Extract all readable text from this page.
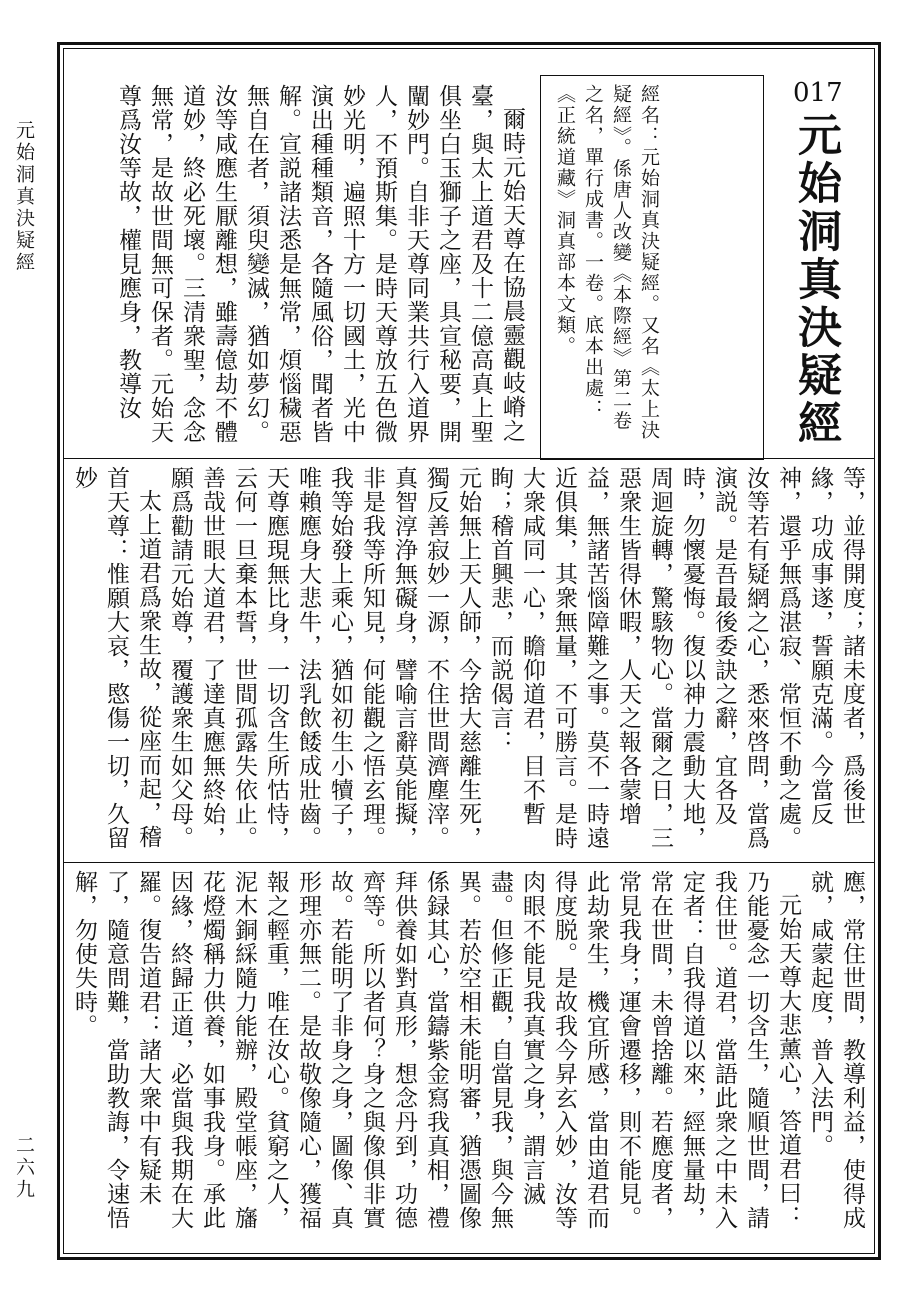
元始洞真決疑經
二六九
017
元始洞真決疑經
經名：元始洞真決疑經。又名《太上決疑經》。係唐人改變《本際經》第二卷之名，單行成書。一卷。底本出處：《正統道藏》洞真部本文類。

爾時元始天尊在協晨靈觀岐嵴之臺，與太上道君及十二億高真上聖俱坐白玉獅子之座，具宣秘要，開闡妙門。自非天尊同業共行入道界人，不預斯集。是時天尊放五色微妙光明，遍照十方一切國土，光中演出種種類音，各隨風俗，聞者皆解。宣説諸法悉是無常，煩惱穢惡無自在者，須臾變滅，猶如夢幻。汝等咸應生厭離想，雖壽億劫不體道妙，終必死壞。三清衆聖，念念無常，是故世間無可保者。元始天尊爲汝等故，權見應身，教導汝

等，並得開度；諸未度者，爲後世緣，功成事遂，誓願克滿。今當反神，還乎無爲湛寂、常恒不動之處。汝等若有疑網之心，悉來啓問，當爲演説。是吾最後委訣之辭，宜各及時，勿懷憂悔。復以神力震動大地，周迴旋轉，驚駭物心。當爾之日，三惡衆生皆得休暇，人天之報各蒙增益，無諸苦惱障難之事。莫不一時遠近俱集，其衆無量，不可勝言。是時大衆咸同一心，瞻仰道君，目不暫眴；稽首興悲，而説偈言：

元始無上天人師，今捨大慈離生死，

獨反善寂妙一源，不住世間濟塵滓。

真智淳浄無礙身，譬喻言辭莫能擬，

非是我等所知見，何能觀之悟玄理。

我等始發上乘心，猶如初生小犢子，

唯賴應身大悲牛，法乳飲餧成壯齒。

天尊應現無比身，一切含生所怙恃，

云何一旦棄本誓，世間孤露失依止。

善哉世眼大道君，了達真應無終始，

願爲勸請元始尊，覆護衆生如父母。

太上道君爲衆生故，從座而起，稽首天尊：惟願大哀，愍傷一切，久留妙

應，常住世間，教導利益，使得成就，咸蒙起度，普入法門。

元始天尊大悲薰心，答道君曰：乃能憂念一切含生，隨順世間，請我住世。道君，當語此衆之中未入定者：自我得道以來，經無量劫，常在世間，未曾捨離。若應度者，常見我身；運會遷移，則不能見。此劫衆生，機宜所感，當由道君而得度脱。是故我今昇玄入妙，汝等肉眼不能見我真實之身，謂言滅盡。但修正觀，自當見我，與今無異。若於空相未能明審，猶憑圖像係録其心，當鑄紫金寫我真相，禮拜供養如對真形，想念丹到，功德齊等。所以者何？身之與像俱非實故。若能明了非身之身，圖像、真形理亦無二。是故敬像隨心，獲福報之輕重，唯在汝心。貧窮之人，泥木銅綵隨力能辦，殿堂帳座，旛花燈燭稱力供養，如事我身。承此因緣，終歸正道，必當與我期在大羅。復告道君：諸大衆中有疑未了，隨意問難，當助教誨，令速悟解，勿使失時。
